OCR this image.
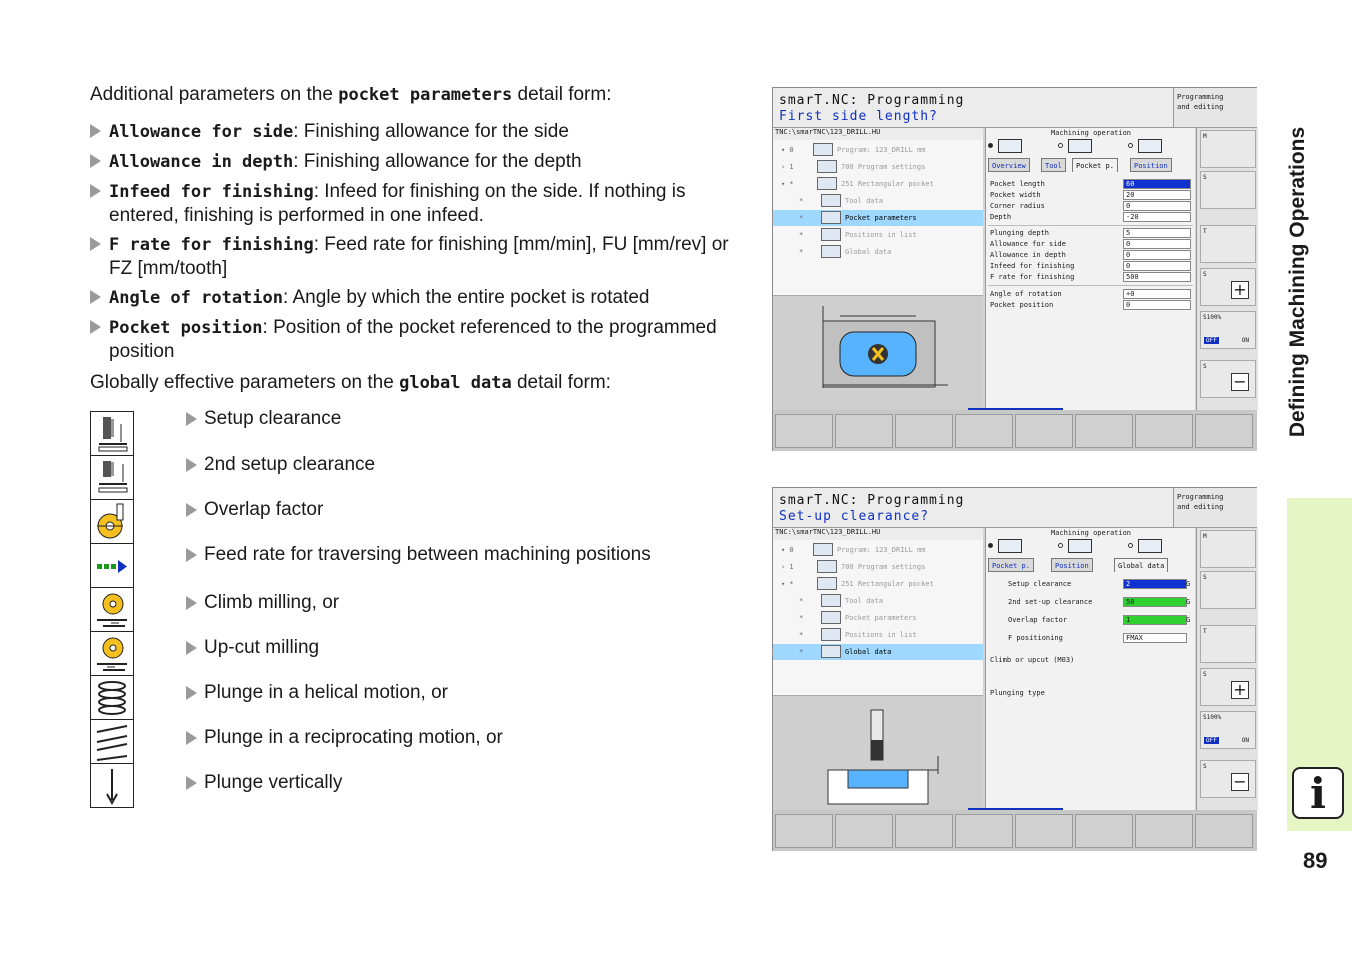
Additional parameters on the pocket parameters detail form:
Allowance for side: Finishing allowance for the side
Allowance in depth: Finishing allowance for the depth
Infeed for finishing: Infeed for finishing on the side. If nothing is entered, finishing is performed in one infeed.
F rate for finishing: Feed rate for finishing [mm/min], FU [mm/rev] or FZ [mm/tooth]
Angle of rotation: Angle by which the entire pocket is rotated
Pocket position: Position of the pocket referenced to the programmed position
Globally effective parameters on the global data detail form:
Setup clearance
2nd setup clearance
Overlap factor
Feed rate for traversing between machining positions
Climb milling, or
Up-cut milling
Plunge in a helical motion, or
Plunge in a reciprocating motion, or
Plunge vertically
smarT.NC: Programming
First side length?
Programming
and editing
TNC:\smarTNC\123_DRILL.HU
▾ 0	Program: 123_DRILL mm
› 1	700 Program settings
▾ *	251 Rectangular pocket
*	Tool data
*	Pocket parameters
*	Positions in list
*	Global data
Machining operation
Overview	Tool	Pocket p.	Position
Pocket length	60
Pocket width	20
Corner radius	0
Depth	-20
Plunging depth	5
Allowance for side	0
Allowance in depth	0
Infeed for finishing	0
F rate for finishing	500
Angle of rotation	+0
Pocket position	0
M
S
T
S
+
S100%
OFF	ON
S
−
smarT.NC: Programming
Set-up clearance?
Programming
and editing
TNC:\smarTNC\123_DRILL.HU
▾ 0	Program: 123_DRILL mm
› 1	700 Program settings
▾ *	251 Rectangular pocket
*	Tool data
*	Pocket parameters
*	Positions in list
*	Global data
Machining operation
Pocket p.	Position	Global data
Setup clearance	2	G
2nd set-up clearance	50	G
Overlap factor	1	G
F positioning	FMAX
Climb or upcut (M03)
Plunging type
M
S
T
S
+
S100%
OFF	ON
S
−
Defining Machining Operations
i
89
